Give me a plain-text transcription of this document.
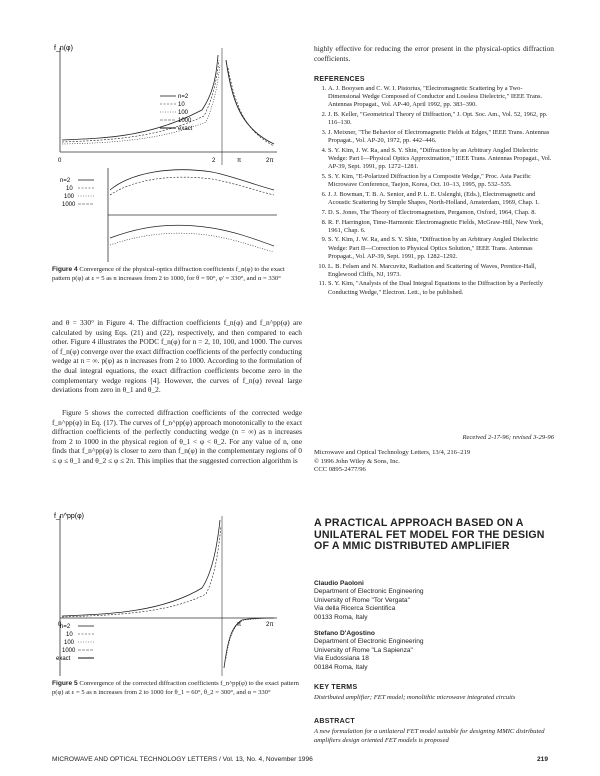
f_n(φ)
n=2
10
100
1000
exact
0	2	π	2π
n=2
10
100
1000
Figure 4 Convergence of the physical-optics diffraction coefficients f_n(φ) to the exact pattern p(φ) at ε = 5 as n increases from 2 to 1000, for θ = 90°, φ' = 330°, and α = 330°
and θ = 330° in Figure 4. The diffraction coefficients f_n(φ) and f_n^pp(φ) are calculated by using Eqs. (21) and (22), respectively, and then compared to each other. Figure 4 illustrates the PODC f_n(φ) for n = 2, 10, 100, and 1000. The curves of f_n(φ) converge over the exact diffraction coefficients of the perfectly conducting wedge at n = ∞. p(φ) as n increases from 2 to 1000. According to the formulation of the dual integral equations, the exact diffraction coefficients become zero in the complementary wedge regions [4]. However, the curves of f_n(φ) reveal large deviations from zero in θ_1 and θ_2.
Figure 5 shows the corrected diffraction coefficients of the corrected wedge f_n^pp(φ) in Eq. (17). The curves of f_n^pp(φ) approach monotonically to the exact diffraction coefficients of the perfectly conducting wedge (n = ∞) as n increases from 2 to 1000 in the physical region of θ_1 < φ < θ_2. For any value of n, one finds that f_n^pp(φ) is closer to zero than f_n(φ) in the complementary regions of 0 ≤ φ ≤ θ_1 and θ_2 ≤ φ ≤ 2π. This implies that the suggested correction algorithm is
f_n^pp(φ)
n=2
10
100
1000
exact
0	π	2π
Figure 5 Convergence of the corrected diffraction coefficients f_n^pp(φ) to the exact pattern p(φ) at ε = 5 as n increases from 2 to 1000 for θ_1 = 60°, θ_2 = 300°, and α = 330°
highly effective for reducing the error present in the physical-optics diffraction coefficients.
REFERENCES
1. A. J. Booysen and C. W. I. Pistorius, "Electromagnetic Scattering by a Two-Dimensional Wedge Composed of Conductor and Lossless Dielectric," IEEE Trans. Antennas Propagat., Vol. AP-40, April 1992, pp. 383–390.
2. J. B. Keller, "Geometrical Theory of Diffraction," J. Opt. Soc. Am., Vol. 52, 1962, pp. 116–130.
3. J. Meixner, "The Behavior of Electromagnetic Fields at Edges," IEEE Trans. Antennas Propagat., Vol. AP-20, 1972, pp. 442–446.
4. S. Y. Kim, J. W. Ra, and S. Y. Shin, "Diffraction by an Arbitrary Angled Dielectric Wedge: Part I—Physical Optics Approximation," IEEE Trans. Antennas Propagat., Vol. AP-39, Sept. 1991, pp. 1272–1281.
5. S. Y. Kim, "E-Polarized Diffraction by a Composite Wedge," Proc. Asia Pacific Microwave Conference, Taejon, Korea, Oct. 10–13, 1995, pp. 532–535.
6. J. J. Bowman, T. B. A. Senior, and P. L. E. Uslenghi, (Eds.), Electromagnetic and Acoustic Scattering by Simple Shapes, North-Holland, Amsterdam, 1969, Chap. 1.
7. D. S. Jones, The Theory of Electromagnetism, Pergamon, Oxford, 1964, Chap. 8.
8. R. F. Harrington, Time-Harmonic Electromagnetic Fields, McGraw-Hill, New York, 1961, Chap. 6.
9. S. Y. Kim, J. W. Ra, and S. Y. Shin, "Diffraction by an Arbitrary Angled Dielectric Wedge: Part II—Correction to Physical Optics Solution," IEEE Trans. Antennas Propagat., Vol. AP-39, Sept. 1991, pp. 1282–1292.
10. L. B. Felsen and N. Marcuvitz, Radiation and Scattering of Waves, Prentice-Hall, Englewood Cliffs, NJ, 1973.
11. S. Y. Kim, "Analysis of the Dual Integral Equations to the Diffraction by a Perfectly Conducting Wedge," Electron. Lett., to be published.
Received 2-17-96; revised 3-29-96
Microwave and Optical Technology Letters, 13/4, 216–219
© 1996 John Wiley & Sons, Inc.
CCC 0895-2477/96
A PRACTICAL APPROACH BASED ON A UNILATERAL FET MODEL FOR THE DESIGN OF A MMIC DISTRIBUTED AMPLIFIER
Claudio Paoloni
Department of Electronic Engineering
University of Rome "Tor Vergata"
Via della Ricerca Scientifica
00133 Roma, Italy
Stefano D'Agostino
Department of Electronic Engineering
University of Rome "La Sapienza"
Via Eudossiana 18
00184 Roma, Italy
KEY TERMS
Distributed amplifier; FET model; monolithic microwave integrated circuits
ABSTRACT
A new formulation for a unilateral FET model suitable for designing MMIC distributed amplifiers design oriented FET models is proposed
MICROWAVE AND OPTICAL TECHNOLOGY LETTERS / Vol. 13, No. 4, November 1996	219
